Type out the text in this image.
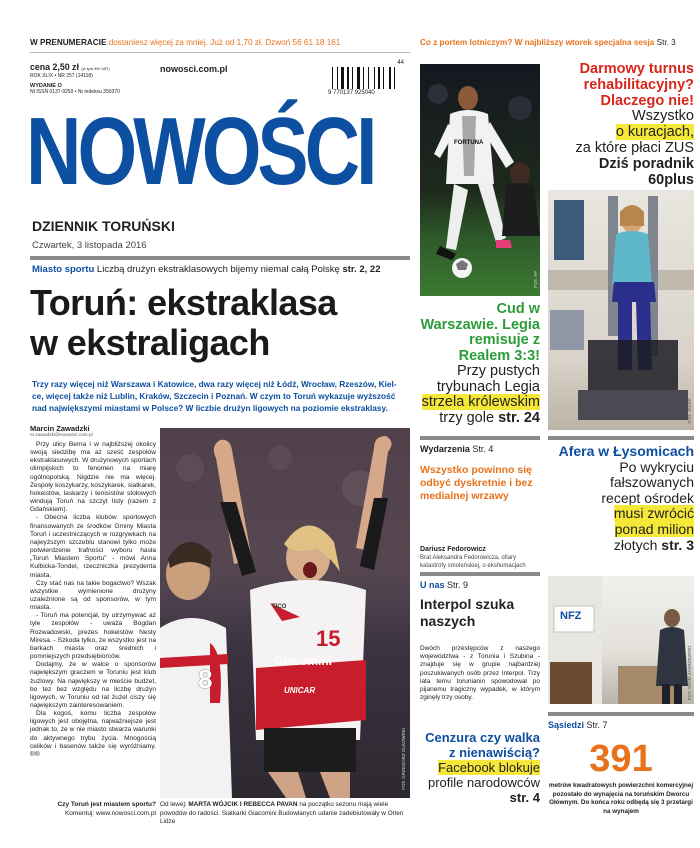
W PRENUMERACIE dostaniesz więcej za mniej. Już od 1,70 zł. Dzwoń 56 61 18 161	Co z portem lotniczym? W najbliższy wtorek specjalna sesja Str. 3
cena 2,50 zł (w tym 8% VAT)
ROK XLIX • NR 257 (14118)
WYDANIE O
NI ISSN 0137-9259 • Nr indeksu 350370
nowosci.com.pl
44
9 770137 925040
NOWOŚCI
DZIENNIK TORUŃSKI
Czwartek, 3 listopada 2016
Miasto sportu Liczbą drużyn ekstraklasowych bijemy niemal całą Polskę str. 2, 22
Toruń: ekstraklasa
w ekstraligach
Trzy razy więcej niż Warszawa i Katowice, dwa razy więcej niż Łódź, Wrocław, Rzeszów, Kiel-
ce, więcej także niż Lublin, Kraków, Szczecin i Poznań. W czym to Toruń wykazuje wyższość
nad największymi miastami w Polsce? W liczbie drużyn ligowych na poziomie ekstraklasy.
Marcin Zawadzki
m.zawadzki@nowosci.com.pl

Przy ulicy Bema i w najbliższej okolicy swoją siedzibę ma aż sześć zespołów ekstraklasowych. W drużynowych sportach olimpijskich to fenomen na miarę ogólnopolską. Nigdzie nie ma więcej. Zespoły koszykarzy, koszykarek, siatkarek, hokeistów, laskarzy i tenisistów stołowych windują Toruń na szczyt listy (razem z Gdańskiem).

- Obecna liczba klubów sportowych finansowanych ze środków Gminy Miasta Toruń i uczestniczących w rozgrywkach na najwyższym szczeblu stanowi tylko może potwierdzenie trafności wyboru hasła „Toruń Miastem Sportu” - mówi Anna Kulbicka-Tondel, rzeczniczka prezydenta miasta.

Czy stać nas na takie bogactwo? Wszak wszystkie wymienione drużyny uzależnione są od sponsorów, w tym miasta.

- Toruń ma potencjał, by utrzymywać aż tyle zespołów - uważa Bogdan Rozwadowski, prezes hokeistów Nesty Miresa. - Szkoda tylko, że wszystko jest na barkach miasta oraz średnich i pomniejszych przedsiębiorców.

Dodajmy, że w walce o sponsorów największym graczem w Toruniu jest klub żużlowy. Na największy w mieście budżet, bo tez bez względu na liczbę drużyn ligowych, w Toruniu od lat żużel ciszy się największym zainteresowaniem.

Dla kogoś, komu liczba zespołów ligowych jest obojętna, najważniejsze jest jednak to, że w nie miasto stwarza warunki do aktywnego trybu życia. Mnogością celików i basenów także się wyróżniamy. ®®

Czy Toruń jest miastem sportu?
Komentuj: www.nowosci.com.pl
8
15
Giacomini
UNICAR
TICO
FOT. GRZEGORZ OLKOWSKI
Od lewej: MARTA WÓJCIK I REBECCA PAVAN na początku sezonu mają wiele powodów do radości. Siatkarki Giacomini Budowlanych udanie zadebiutowały w Orlen Lidze
FORTUNA
FOT. AP
Cud w Warszawie. Legia remisuje z Realem 3:3!
Przy pustych
trybunach Legia
strzela królewskim
trzy gole str. 24
Darmowy turnus rehabilitacyjny? Dlaczego nie!
Wszystko
o kuracjach,
za które płaci ZUS
Dziś poradnik
60plus
FOT. JACEK
Wydarzenia Str. 4
Wszystko powinno się odbyć dyskretnie i bez medialnej wrzawy
Dariusz Fedorowicz
Brat Aleksandra Fedorowicza, ofiary katastrofy smoleńskiej, o ekshumacjach
U nas Str. 9
Interpol szuka naszych
Dwóch przestępców z naszego województwa - z Torunia i Szubina - znajduje się w grupie najbardziej poszukiwanych osób przez Interpol. Trzy lata temu torunianin spowodował po pijanemu tragiczny wypadek, w którym zginęły trzy osoby.
Cenzura czy walka z nienawiścią?
Facebook blokuje
profile narodowców
str. 4
Afera w Łysomicach
Po wykryciu
fałszowanych
recept ośrodek
musi zwrócić
ponad milion
złotych str. 3
NFZ
FOT. ADAM ZAKRZEWSKI
Sąsiedzi Str. 7
391
metrów kwadratowych powierzchni komercyjnej pozostało do wynajęcia na toruńskim Dworcu Głównym. Do końca roku odbędą się 3 przetargi na wynajem
